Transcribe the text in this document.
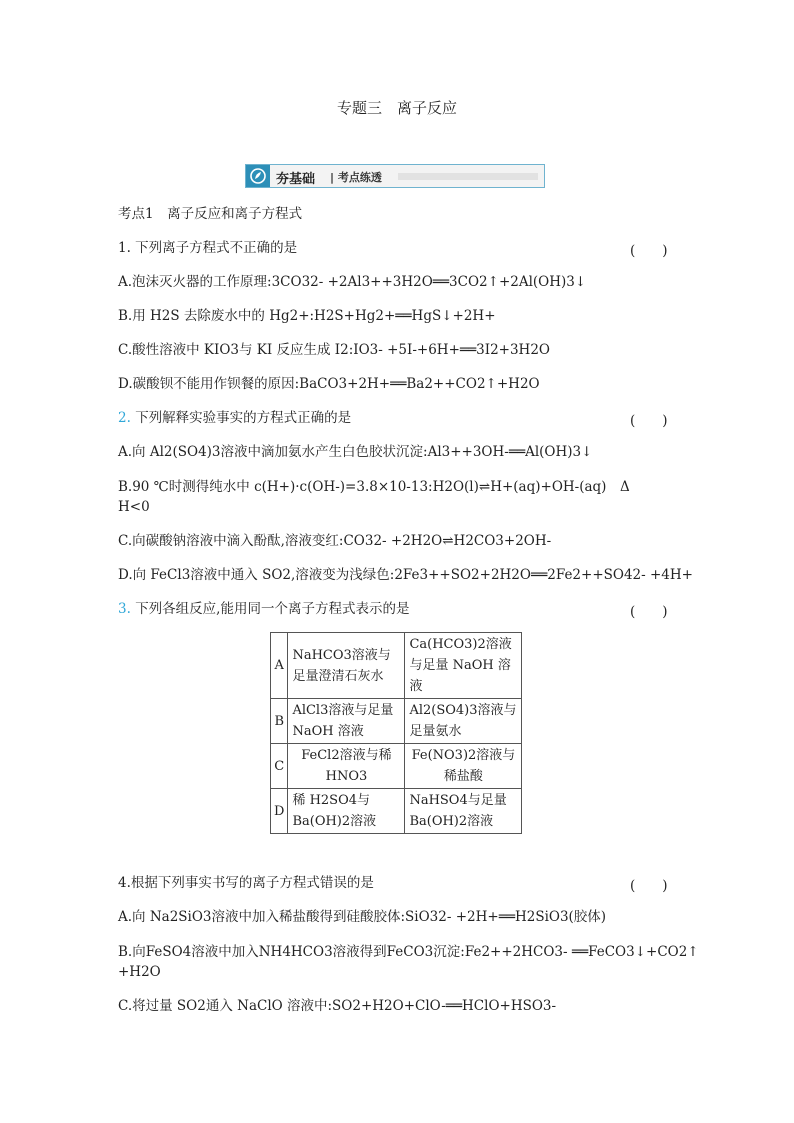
专题三　离子反应
夯基础 | 考点练透
考点1　离子反应和离子方程式
1. 下列离子方程式不正确的是	(　　)
A.泡沫灭火器的工作原理:3CO32- +2Al3++3H2O══3CO2↑+2Al(OH)3↓
B.用 H2S 去除废水中的 Hg2+:H2S+Hg2+══HgS↓+2H+
C.酸性溶液中 KIO3与 KI 反应生成 I2:IO3- +5I-+6H+══3I2+3H2O
D.碳酸钡不能用作钡餐的原因:BaCO3+2H+══Ba2++CO2↑+H2O
2. 下列解释实验事实的方程式正确的是	(　　)
A.向 Al2(SO4)3溶液中滴加氨水产生白色胶状沉淀:Al3++3OH-══Al(OH)3↓
B.90 ℃时测得纯水中 c(H+)·c(OH-)=3.8×10-13:H2O(l)⇌H+(aq)+OH-(aq)　Δ
H<0
C.向碳酸钠溶液中滴入酚酞,溶液变红:CO32- +2H2O⇌H2CO3+2OH-
D.向 FeCl3溶液中通入 SO2,溶液变为浅绿色:2Fe3++SO2+2H2O══2Fe2++SO42- +4H+
3. 下列各组反应,能用同一个离子方程式表示的是	(　　)
A	NaHCO3溶液与足量澄清石灰水	Ca(HCO3)2溶液与足量 NaOH 溶液
B	AlCl3溶液与足量 NaOH 溶液	Al2(SO4)3溶液与足量氨水
C	FeCl2溶液与稀HNO3	Fe(NO3)2溶液与稀盐酸
D	稀 H2SO4与Ba(OH)2溶液	NaHSO4与足量Ba(OH)2溶液
4.根据下列事实书写的离子方程式错误的是	(　　)
A.向 Na2SiO3溶液中加入稀盐酸得到硅酸胶体:SiO32- +2H+══H2SiO3(胶体)
B.向FeSO4溶液中加入NH4HCO3溶液得到FeCO3沉淀:Fe2++2HCO3- ══FeCO3↓+CO2↑
+H2O
C.将过量 SO2通入 NaClO 溶液中:SO2+H2O+ClO-══HClO+HSO3-
